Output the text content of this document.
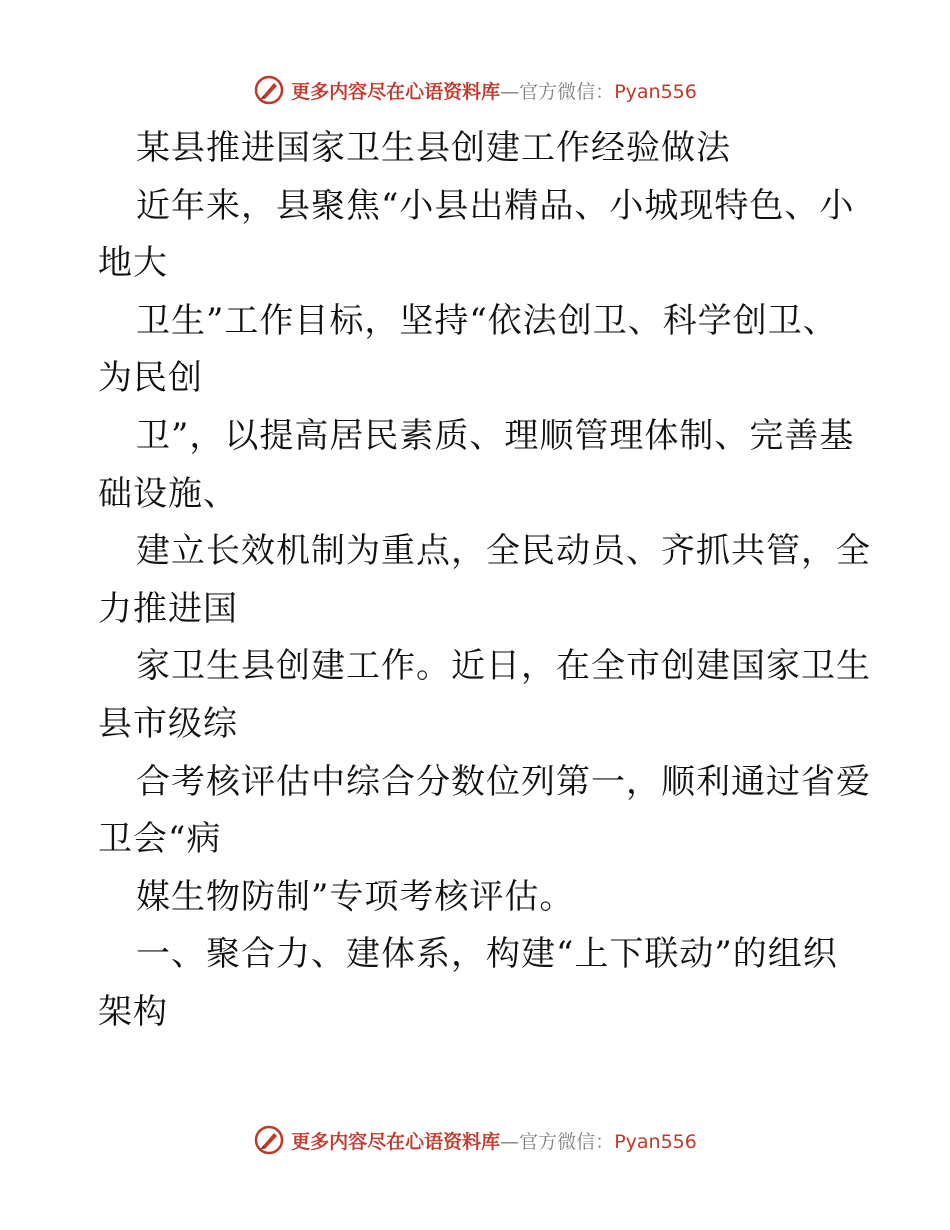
更多内容尽在心语资料库—官方微信：Pyan556
某县推进国家卫生县创建工作经验做法
近年来，县聚焦“小县出精品、小城现特色、小
地大
卫生”工作目标，坚持“依法创卫、科学创卫、
为民创
卫”，以提高居民素质、理顺管理体制、完善基
础设施、
建立长效机制为重点，全民动员、齐抓共管，全
力推进国
家卫生县创建工作。近日，在全市创建国家卫生
县市级综
合考核评估中综合分数位列第一，顺利通过省爱
卫会“病
媒生物防制”专项考核评估。
一、聚合力、建体系，构建“上下联动”的组织
架构
更多内容尽在心语资料库—官方微信：Pyan556
